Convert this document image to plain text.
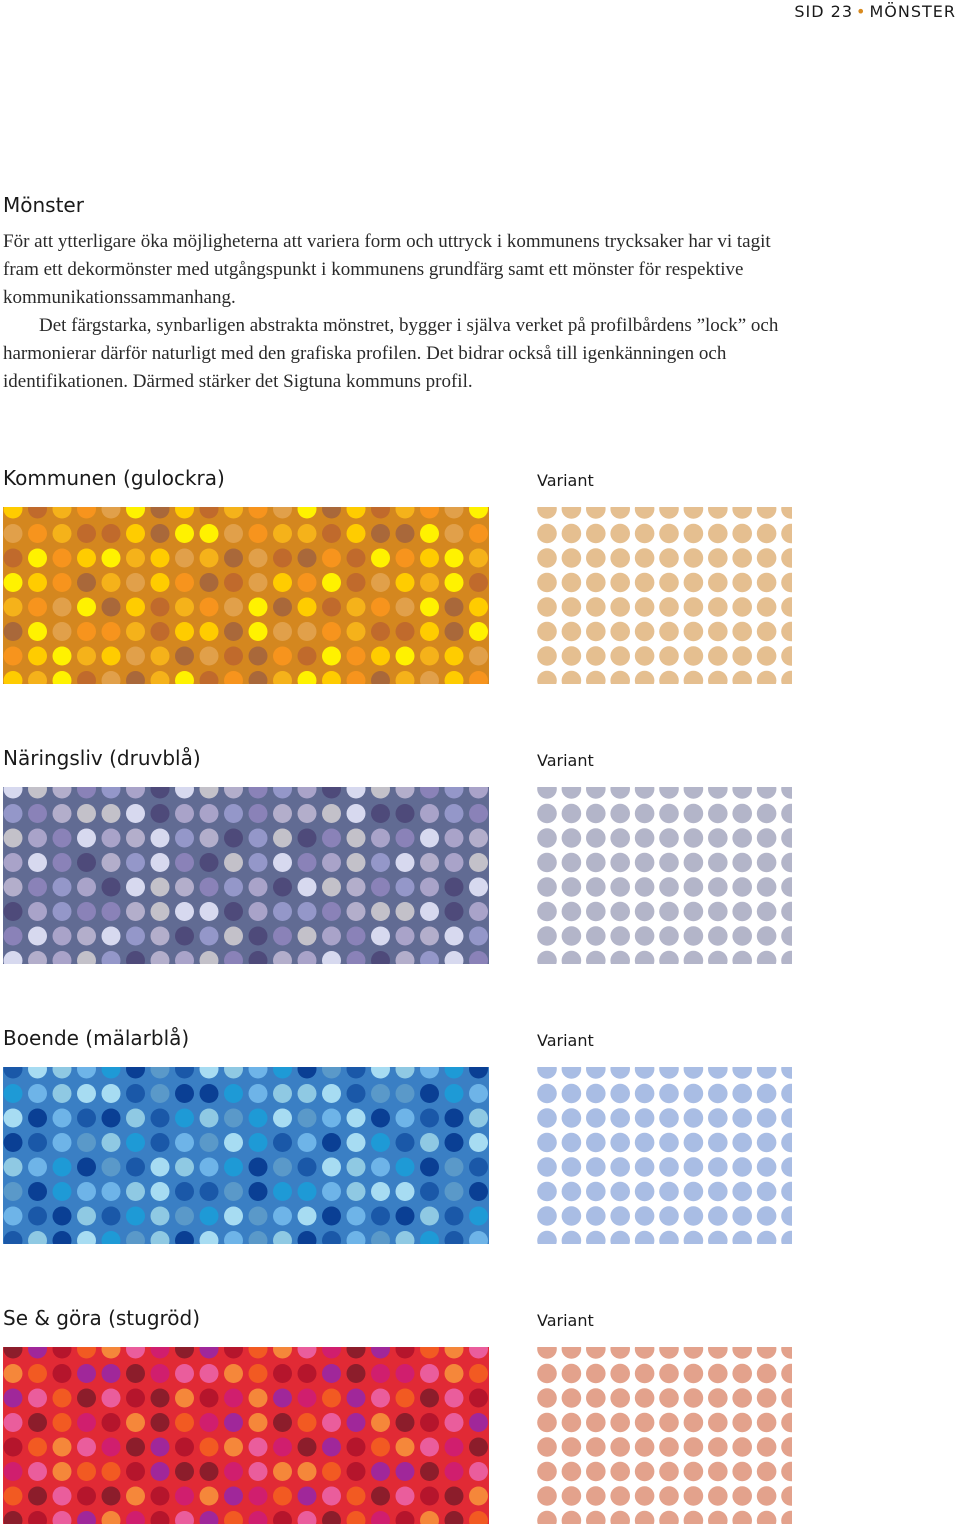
SID 23 • MÖNSTER
Mönster

För att ytterligare öka möjligheterna att variera form och uttryck i kommunens trycksaker har vi tagit fram ett dekormönster med utgångspunkt i kommunens grundfärg samt ett mönster för respektive kommunikationssammanhang.

Det färgstarka, synbarligen abstrakta mönstret, bygger i själva verket på profilbårdens ”lock” och harmonierar därför naturligt med den grafiska profilen. Det bidrar också till igenkänningen och identifikationen. Därmed stärker det Sigtuna kommuns profil.

Kommunen (gulockra)	Variant
Näringsliv (druvblå)	Variant
Boende (mälarblå)	Variant
Se & göra (stugröd)	Variant
